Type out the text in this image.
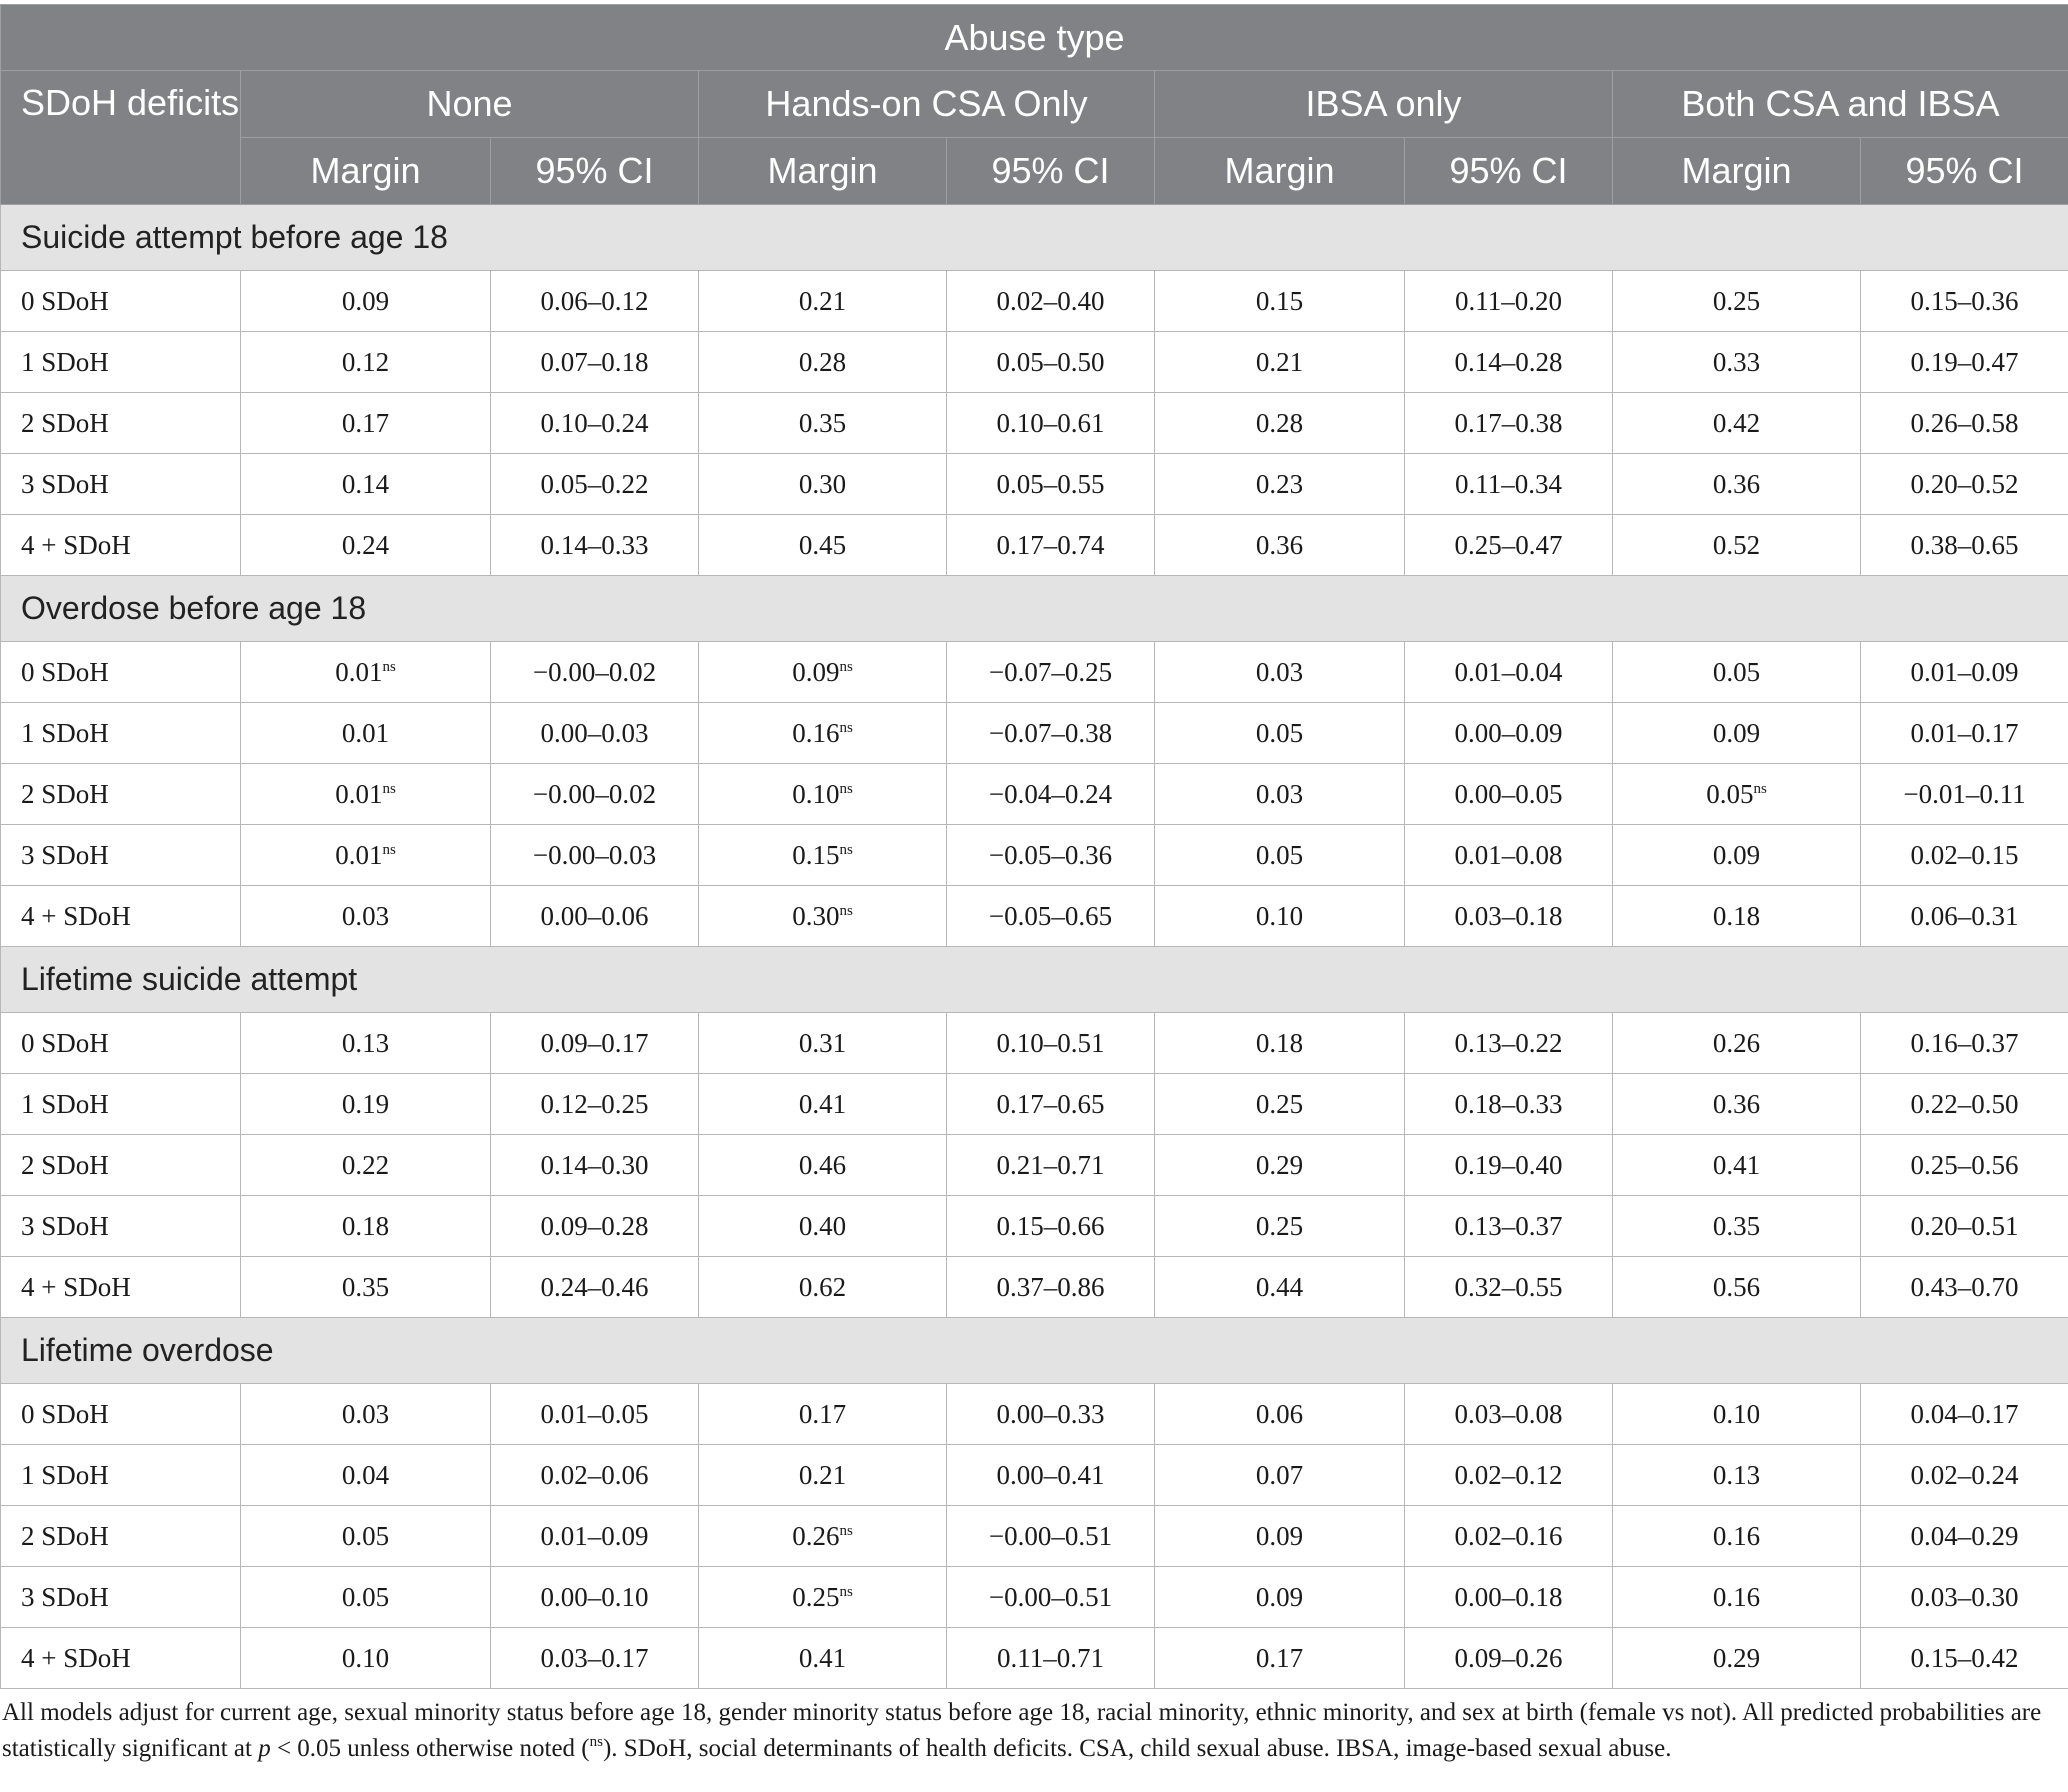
Abuse type								
SDoH deficits	None		Hands-on CSA Only		IBSA only		Both CSA and IBSA	
	Margin	95% CI	Margin	95% CI	Margin	95% CI	Margin	95% CI
Suicide attempt before age 18								
0 SDoH	0.09	0.06–0.12	0.21	0.02–0.40	0.15	0.11–0.20	0.25	0.15–0.36
1 SDoH	0.12	0.07–0.18	0.28	0.05–0.50	0.21	0.14–0.28	0.33	0.19–0.47
2 SDoH	0.17	0.10–0.24	0.35	0.10–0.61	0.28	0.17–0.38	0.42	0.26–0.58
3 SDoH	0.14	0.05–0.22	0.30	0.05–0.55	0.23	0.11–0.34	0.36	0.20–0.52
4 + SDoH	0.24	0.14–0.33	0.45	0.17–0.74	0.36	0.25–0.47	0.52	0.38–0.65
Overdose before age 18								
0 SDoH	$0.01^{ns}$	−0.00–0.02	$0.09^{ns}$	−0.07–0.25	0.03	0.01–0.04	0.05	0.01–0.09
1 SDoH	0.01	0.00–0.03	$0.16^{ns}$	−0.07–0.38	0.05	0.00–0.09	0.09	0.01–0.17
2 SDoH	$0.01^{ns}$	−0.00–0.02	$0.10^{ns}$	−0.04–0.24	0.03	0.00–0.05	$0.05^{ns}$	−0.01–0.11
3 SDoH	$0.01^{ns}$	−0.00–0.03	$0.15^{ns}$	−0.05–0.36	0.05	0.01–0.08	0.09	0.02–0.15
4 + SDoH	0.03	0.00–0.06	$0.30^{ns}$	−0.05–0.65	0.10	0.03–0.18	0.18	0.06–0.31
Lifetime suicide attempt								
0 SDoH	0.13	0.09–0.17	0.31	0.10–0.51	0.18	0.13–0.22	0.26	0.16–0.37
1 SDoH	0.19	0.12–0.25	0.41	0.17–0.65	0.25	0.18–0.33	0.36	0.22–0.50
2 SDoH	0.22	0.14–0.30	0.46	0.21–0.71	0.29	0.19–0.40	0.41	0.25–0.56
3 SDoH	0.18	0.09–0.28	0.40	0.15–0.66	0.25	0.13–0.37	0.35	0.20–0.51
4 + SDoH	0.35	0.24–0.46	0.62	0.37–0.86	0.44	0.32–0.55	0.56	0.43–0.70
Lifetime overdose								
0 SDoH	0.03	0.01–0.05	0.17	0.00–0.33	0.06	0.03–0.08	0.10	0.04–0.17
1 SDoH	0.04	0.02–0.06	0.21	0.00–0.41	0.07	0.02–0.12	0.13	0.02–0.24
2 SDoH	0.05	0.01–0.09	$0.26^{ns}$	−0.00–0.51	0.09	0.02–0.16	0.16	0.04–0.29
3 SDoH	0.05	0.00–0.10	$0.25^{ns}$	−0.00–0.51	0.09	0.00–0.18	0.16	0.03–0.30
4 + SDoH	0.10	0.03–0.17	0.41	0.11–0.71	0.17	0.09–0.26	0.29	0.15–0.42
All models adjust for current age, sexual minority status before age 18, gender minority status before age 18, racial minority, ethnic minority, and sex at birth (female vs not). All predicted probabilities are statistically significant at p < 0.05 unless otherwise noted ($^{ns}$). SDoH, social determinants of health deficits. CSA, child sexual abuse. IBSA, image-based sexual abuse.
